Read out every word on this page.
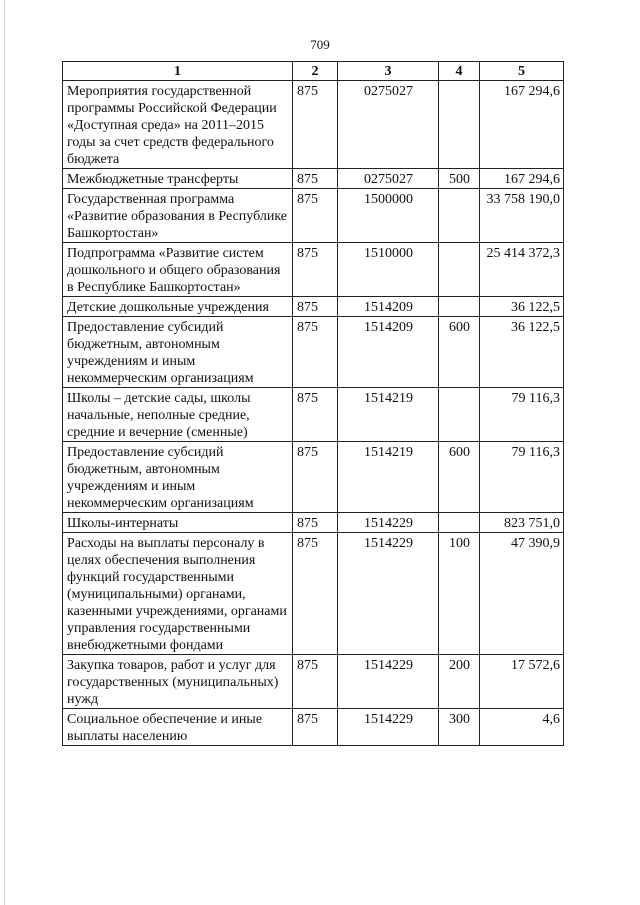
709
1	2	3	4	5
Мероприятия государственной программы Российской Федерации «Доступная среда» на 2011–2015 годы за счет средств федерального бюджета	875	0275027		167 294,6
Межбюджетные трансферты	875	0275027	500	167 294,6
Государственная программа «Развитие образования в Республике Башкортостан»	875	1500000		33 758 190,0
Подпрограмма «Развитие систем дошкольного и общего образования в Республике Башкортостан»	875	1510000		25 414 372,3
Детские дошкольные учреждения	875	1514209		36 122,5
Предоставление субсидий бюджетным, автономным учреждениям и иным некоммерческим организациям	875	1514209	600	36 122,5
Школы – детские сады, школы начальные, неполные средние, средние и вечерние (сменные)	875	1514219		79 116,3
Предоставление субсидий бюджетным, автономным учреждениям и иным некоммерческим организациям	875	1514219	600	79 116,3
Школы-интернаты	875	1514229		823 751,0
Расходы на выплаты персоналу в целях обеспечения выполнения функций государственными (муниципальными) органами, казенными учреждениями, органами управления государственными внебюджетными фондами	875	1514229	100	47 390,9
Закупка товаров, работ и услуг для государственных (муниципальных) нужд	875	1514229	200	17 572,6
Социальное обеспечение и иные выплаты населению	875	1514229	300	4,6
